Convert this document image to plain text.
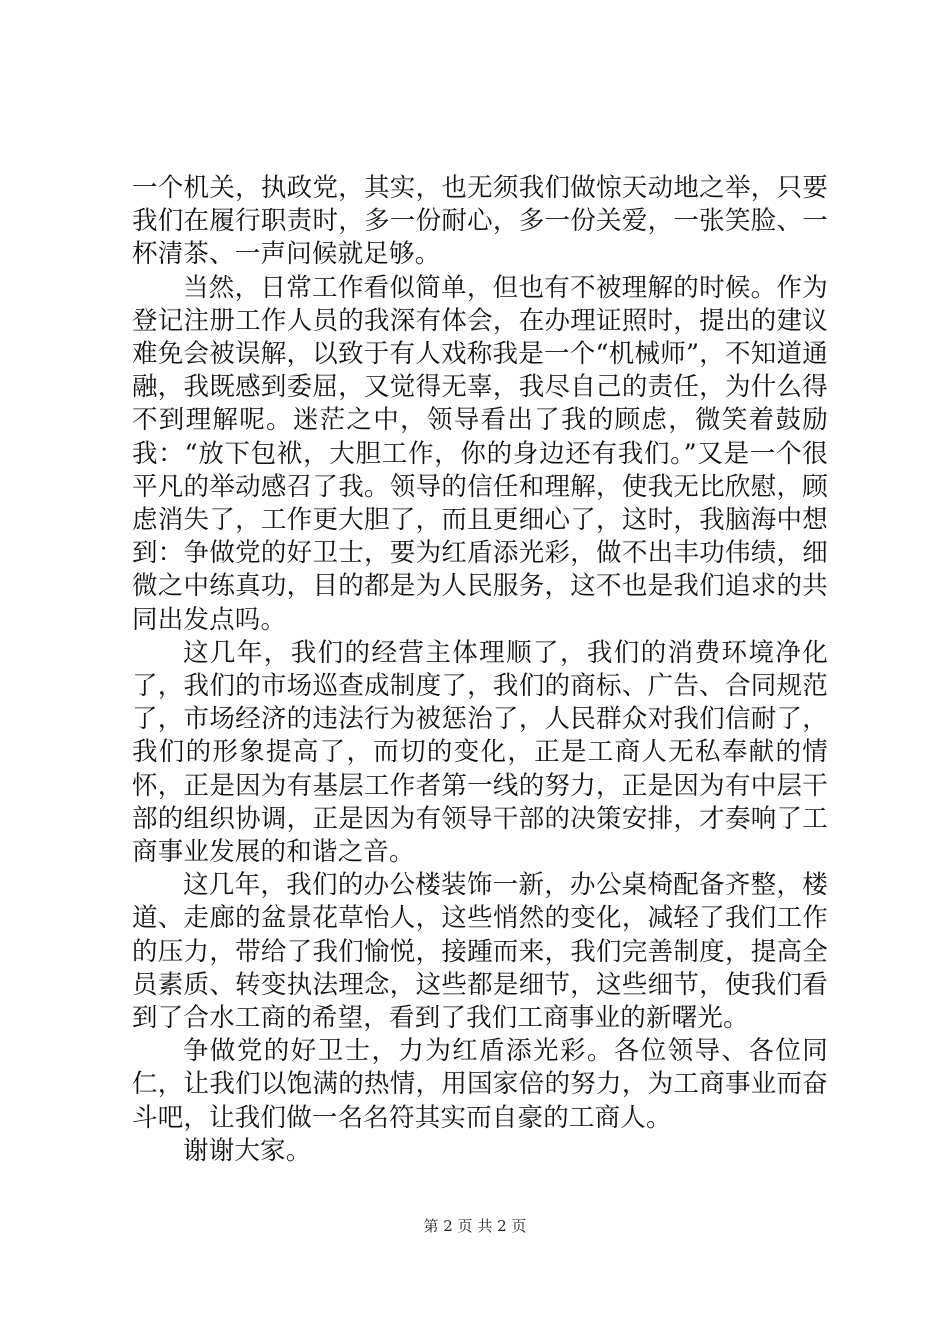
一个机关，执政党，其实，也无须我们做惊天动地之举，只要我们在履行职责时，多一份耐心，多一份关爱，一张笑脸、一杯清茶、一声问候就足够。

当然，日常工作看似简单，但也有不被理解的时候。作为登记注册工作人员的我深有体会，在办理证照时，提出的建议难免会被误解，以致于有人戏称我是一个“机械师”，不知道通融，我既感到委屈，又觉得无辜，我尽自己的责任，为什么得不到理解呢。迷茫之中，领导看出了我的顾虑，微笑着鼓励我：“放下包袱，大胆工作，你的身边还有我们。”又是一个很平凡的举动感召了我。领导的信任和理解，使我无比欣慰，顾虑消失了，工作更大胆了，而且更细心了，这时，我脑海中想到：争做党的好卫士，要为红盾添光彩，做不出丰功伟绩，细微之中练真功，目的都是为人民服务，这不也是我们追求的共同出发点吗。

这几年，我们的经营主体理顺了，我们的消费环境净化了，我们的市场巡查成制度了，我们的商标、广告、合同规范了，市场经济的违法行为被惩治了，人民群众对我们信耐了，我们的形象提高了，而切的变化，正是工商人无私奉献的情怀，正是因为有基层工作者第一线的努力，正是因为有中层干部的组织协调，正是因为有领导干部的决策安排，才奏响了工商事业发展的和谐之音。

这几年，我们的办公楼装饰一新，办公桌椅配备齐整，楼道、走廊的盆景花草怡人，这些悄然的变化，减轻了我们工作的压力，带给了我们愉悦，接踵而来，我们完善制度，提高全员素质、转变执法理念，这些都是细节，这些细节，使我们看到了合水工商的希望，看到了我们工商事业的新曙光。

争做党的好卫士，力为红盾添光彩。各位领导、各位同仁，让我们以饱满的热情，用国家倍的努力，为工商事业而奋斗吧，让我们做一名名符其实而自豪的工商人。

谢谢大家。

第 2 页 共 2 页
